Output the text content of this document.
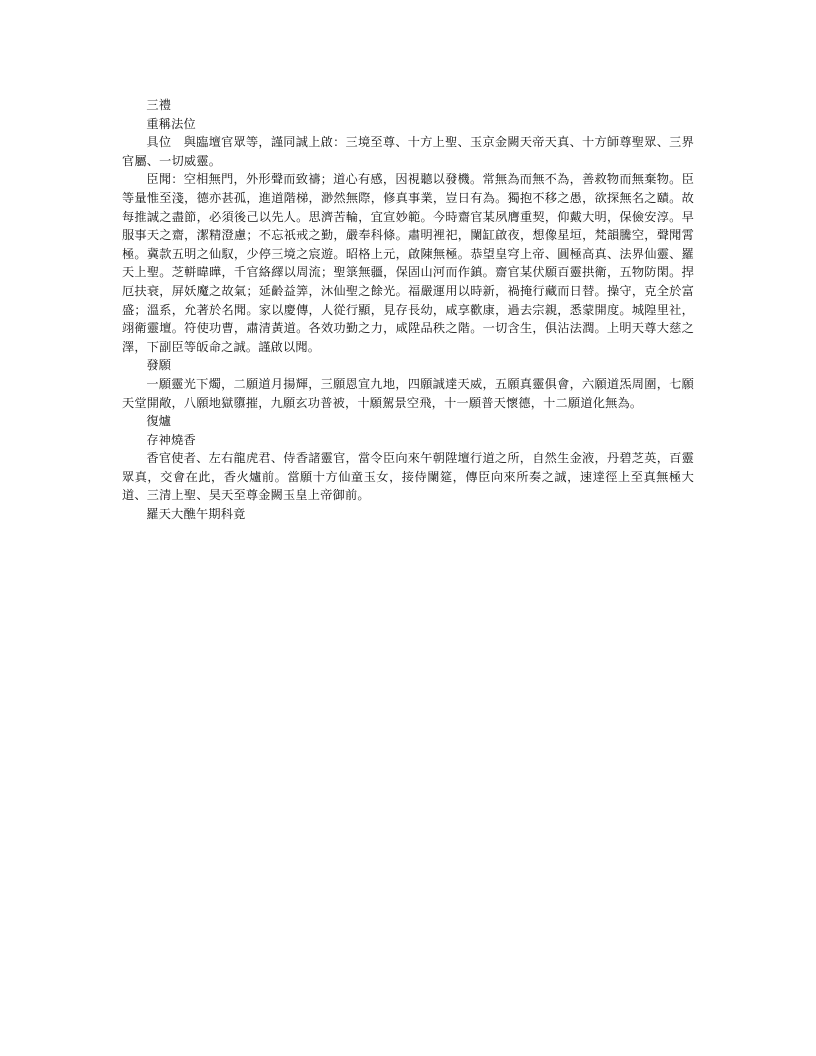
三禮

重稱法位

具位　與臨壇官眾等，謹同誠上啟：三境至尊、十方上聖、玉京金闕天帝天真、十方師尊聖眾、三界官屬、一切威靈。

臣聞：空相無門，外形聲而致禱；道心有感，因視聽以發機。常無為而無不為，善救物而無棄物。臣等量惟至淺，德亦甚孤，進道階梯，渺然無際，修真事業，豈日有為。獨抱不移之愚，欲探無名之賾。故每推誠之盡節，必須後己以先人。思濟苦輪，宜宣妙範。今時齋官某夙膺重契，仰戴大明，保儉安淳。早服事天之齋，潔精澄慮；不忘祇戒之勤，嚴奉科條。肅明裡祀，闌缸啟夜，想像星垣，梵韻騰空，聲聞霄極。冀款五明之仙馭，少停三境之宸遊。昭格上元，啟陳無極。恭望皇穹上帝、圓極高真、法界仙靈、羅天上聖。芝軿暐曄，千官絡繹以周流；聖箓無疆，保固山河而作鎮。齋官某伏願百靈拱衛，五物防閑。捍厄扶衰，屏妖魔之故氣；延齡益筭，沐仙聖之餘光。福嚴運用以時新，禍掩行藏而日替。操守，克全於富盛；溫系，允著於名聞。家以慶傳，人從行顯，見存長幼，咸享歡康，過去宗親，悉蒙開度。城隍里社，翊衛靈壇。符使功曹，肅清黃道。各效功勤之力，咸陞品秩之階。一切含生，俱沾法潤。上明天尊大慈之澤，下副臣等皈命之誠。謹啟以聞。

發願

一願靈光下燭，二願道月揚輝，三願恩宣九地，四願誠達天威，五願真靈俱會，六願道炁周圍，七願天堂開敞，八願地獄隳摧，九願玄功普被，十願駕景空飛，十一願普天懷德，十二願道化無為。

復爐

存神燒香

香官使者、左右龍虎君、侍香諸靈官，當令臣向來午朝陞壇行道之所，自然生金液，丹碧芝英，百靈眾真，交會在此，香火爐前。當願十方仙童玉女，接侍闌筵，傳臣向來所奏之誠，速達徑上至真無極大道、三清上聖、昊天至尊金闕玉皇上帝御前。

羅天大醮午期科竟
